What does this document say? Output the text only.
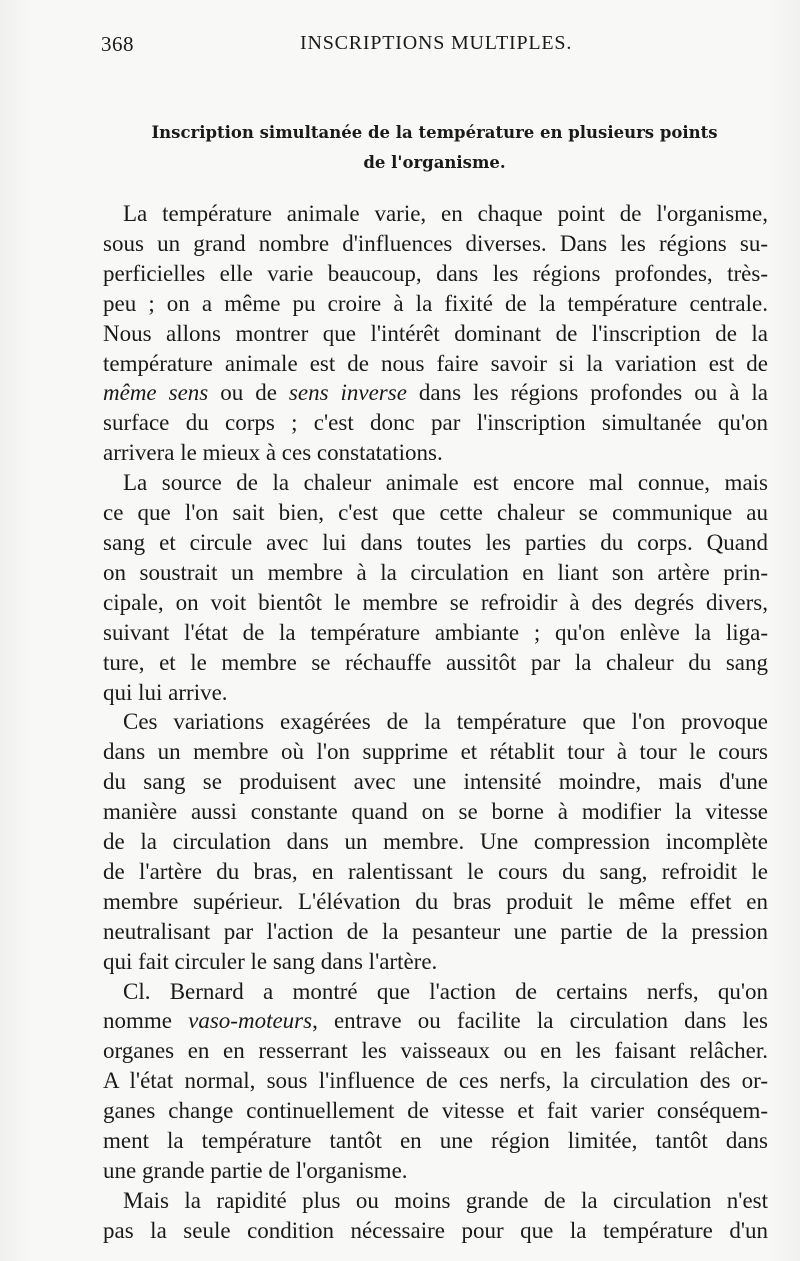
368	INSCRIPTIONS MULTIPLES.
Inscription simultanée de la température en plusieurs points
de l'organisme.
La température animale varie, en chaque point de l'organisme,
sous un grand nombre d'influences diverses. Dans les régions su-
perficielles elle varie beaucoup, dans les régions profondes, très-
peu ; on a même pu croire à la fixité de la température centrale.
Nous allons montrer que l'intérêt dominant de l'inscription de la
température animale est de nous faire savoir si la variation est de
même sens ou de sens inverse dans les régions profondes ou à la
surface du corps ; c'est donc par l'inscription simultanée qu'on
arrivera le mieux à ces constatations.
La source de la chaleur animale est encore mal connue, mais
ce que l'on sait bien, c'est que cette chaleur se communique au
sang et circule avec lui dans toutes les parties du corps. Quand
on soustrait un membre à la circulation en liant son artère prin-
cipale, on voit bientôt le membre se refroidir à des degrés divers,
suivant l'état de la température ambiante ; qu'on enlève la liga-
ture, et le membre se réchauffe aussitôt par la chaleur du sang
qui lui arrive.
Ces variations exagérées de la température que l'on provoque
dans un membre où l'on supprime et rétablit tour à tour le cours
du sang se produisent avec une intensité moindre, mais d'une
manière aussi constante quand on se borne à modifier la vitesse
de la circulation dans un membre. Une compression incomplète
de l'artère du bras, en ralentissant le cours du sang, refroidit le
membre supérieur. L'élévation du bras produit le même effet en
neutralisant par l'action de la pesanteur une partie de la pression
qui fait circuler le sang dans l'artère.
Cl. Bernard a montré que l'action de certains nerfs, qu'on
nomme vaso-moteurs, entrave ou facilite la circulation dans les
organes en en resserrant les vaisseaux ou en les faisant relâcher.
A l'état normal, sous l'influence de ces nerfs, la circulation des or-
ganes change continuellement de vitesse et fait varier conséquem-
ment la température tantôt en une région limitée, tantôt dans
une grande partie de l'organisme.
Mais la rapidité plus ou moins grande de la circulation n'est
pas la seule condition nécessaire pour que la température d'un
